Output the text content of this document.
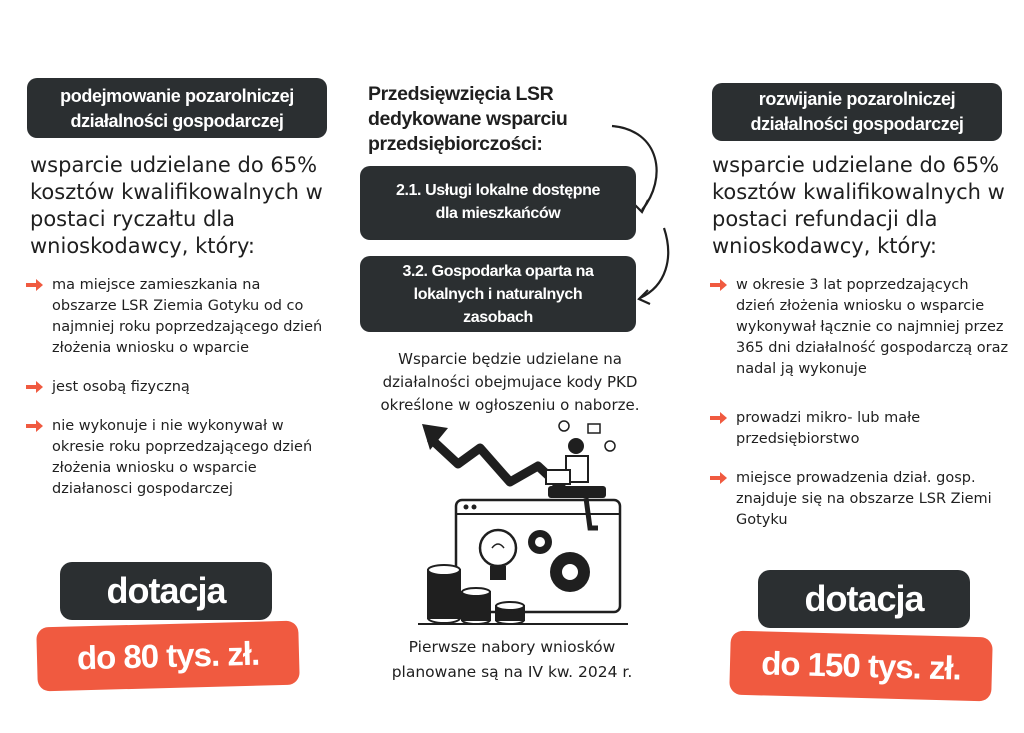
podejmowanie pozarolniczej
działalności gospodarczej
wsparcie udzielane do 65%
kosztów kwalifikowalnych w
postaci ryczałtu dla
wnioskodawcy, który:
ma miejsce zamieszkania na obszarze LSR Ziemia Gotyku od co najmniej roku poprzedzającego dzień złożenia wniosku o wparcie
jest osobą fizyczną
nie wykonuje i nie wykonywał w okresie roku poprzedzającego dzień złożenia wniosku o wsparcie działanosci gospodarczej
dotacja
do 80 tys. zł.
Przedsięwzięcia LSR
dedykowane wsparciu
przedsiębiorczości:
2.1. Usługi lokalne dostępne
dla mieszkańców
3.2. Gospodarka oparta na
lokalnych i naturalnych
zasobach
Wsparcie będzie udzielane na
działalności obejmujace kody PKD
określone w ogłoszeniu o naborze.
Pierwsze nabory wniosków
planowane są na IV kw. 2024 r.
rozwijanie pozarolniczej
działalności gospodarczej
wsparcie udzielane do 65%
kosztów kwalifikowalnych w
postaci refundacji dla
wnioskodawcy, który:
w okresie 3 lat poprzedzających dzień złożenia wniosku o wsparcie wykonywał łącznie co najmniej przez 365 dni działalność gospodarczą oraz nadal ją wykonuje
prowadzi mikro- lub małe przedsiębiorstwo
miejsce prowadzenia dział. gosp. znajduje się na obszarze LSR Ziemi Gotyku
dotacja
do 150 tys. zł.
